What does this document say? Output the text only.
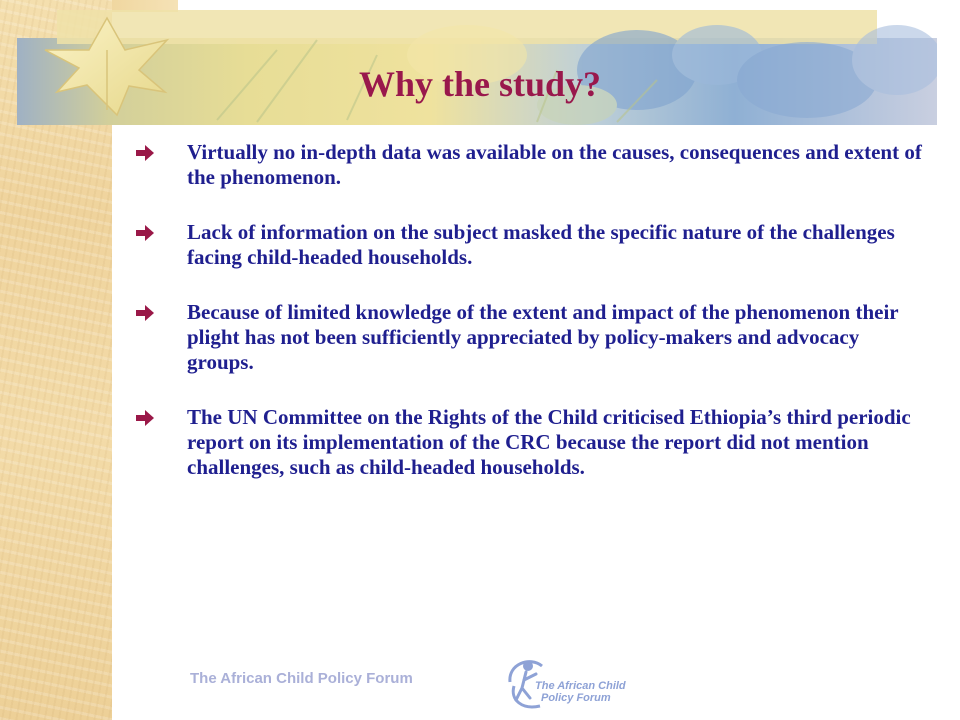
Why the study?
Virtually no in-depth data was available on the causes, consequences and extent of the phenomenon.
Lack of information on the subject masked the specific nature of the challenges facing child-headed households.
Because of limited knowledge of the extent and impact of the phenomenon their plight has not been sufficiently appreciated by policy-makers and advocacy groups.
The UN Committee on the Rights of the Child criticised Ethiopia’s third periodic report on its implementation of the CRC because the report did not mention challenges, such as child-headed households.
The African Child Policy Forum	The African Child
Policy Forum
